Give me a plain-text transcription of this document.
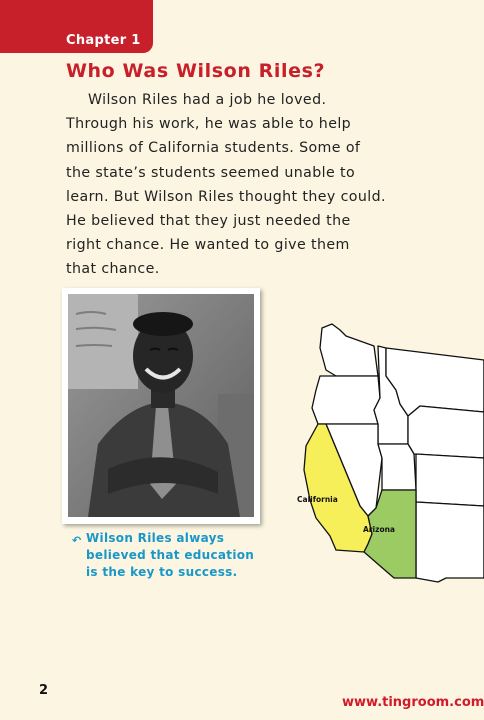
Chapter 1
Who Was Wilson Riles?
Wilson Riles had a job he loved.
Through his work, he was able to help
millions of California students. Some of
the state’s students seemed unable to
learn. But Wilson Riles thought they could.
He believed that they just needed the
right chance. He wanted to give them
that chance.
↶ Wilson Riles always
believed that education
is the key to success.
California
Arizona
2
www.tingroom.com
